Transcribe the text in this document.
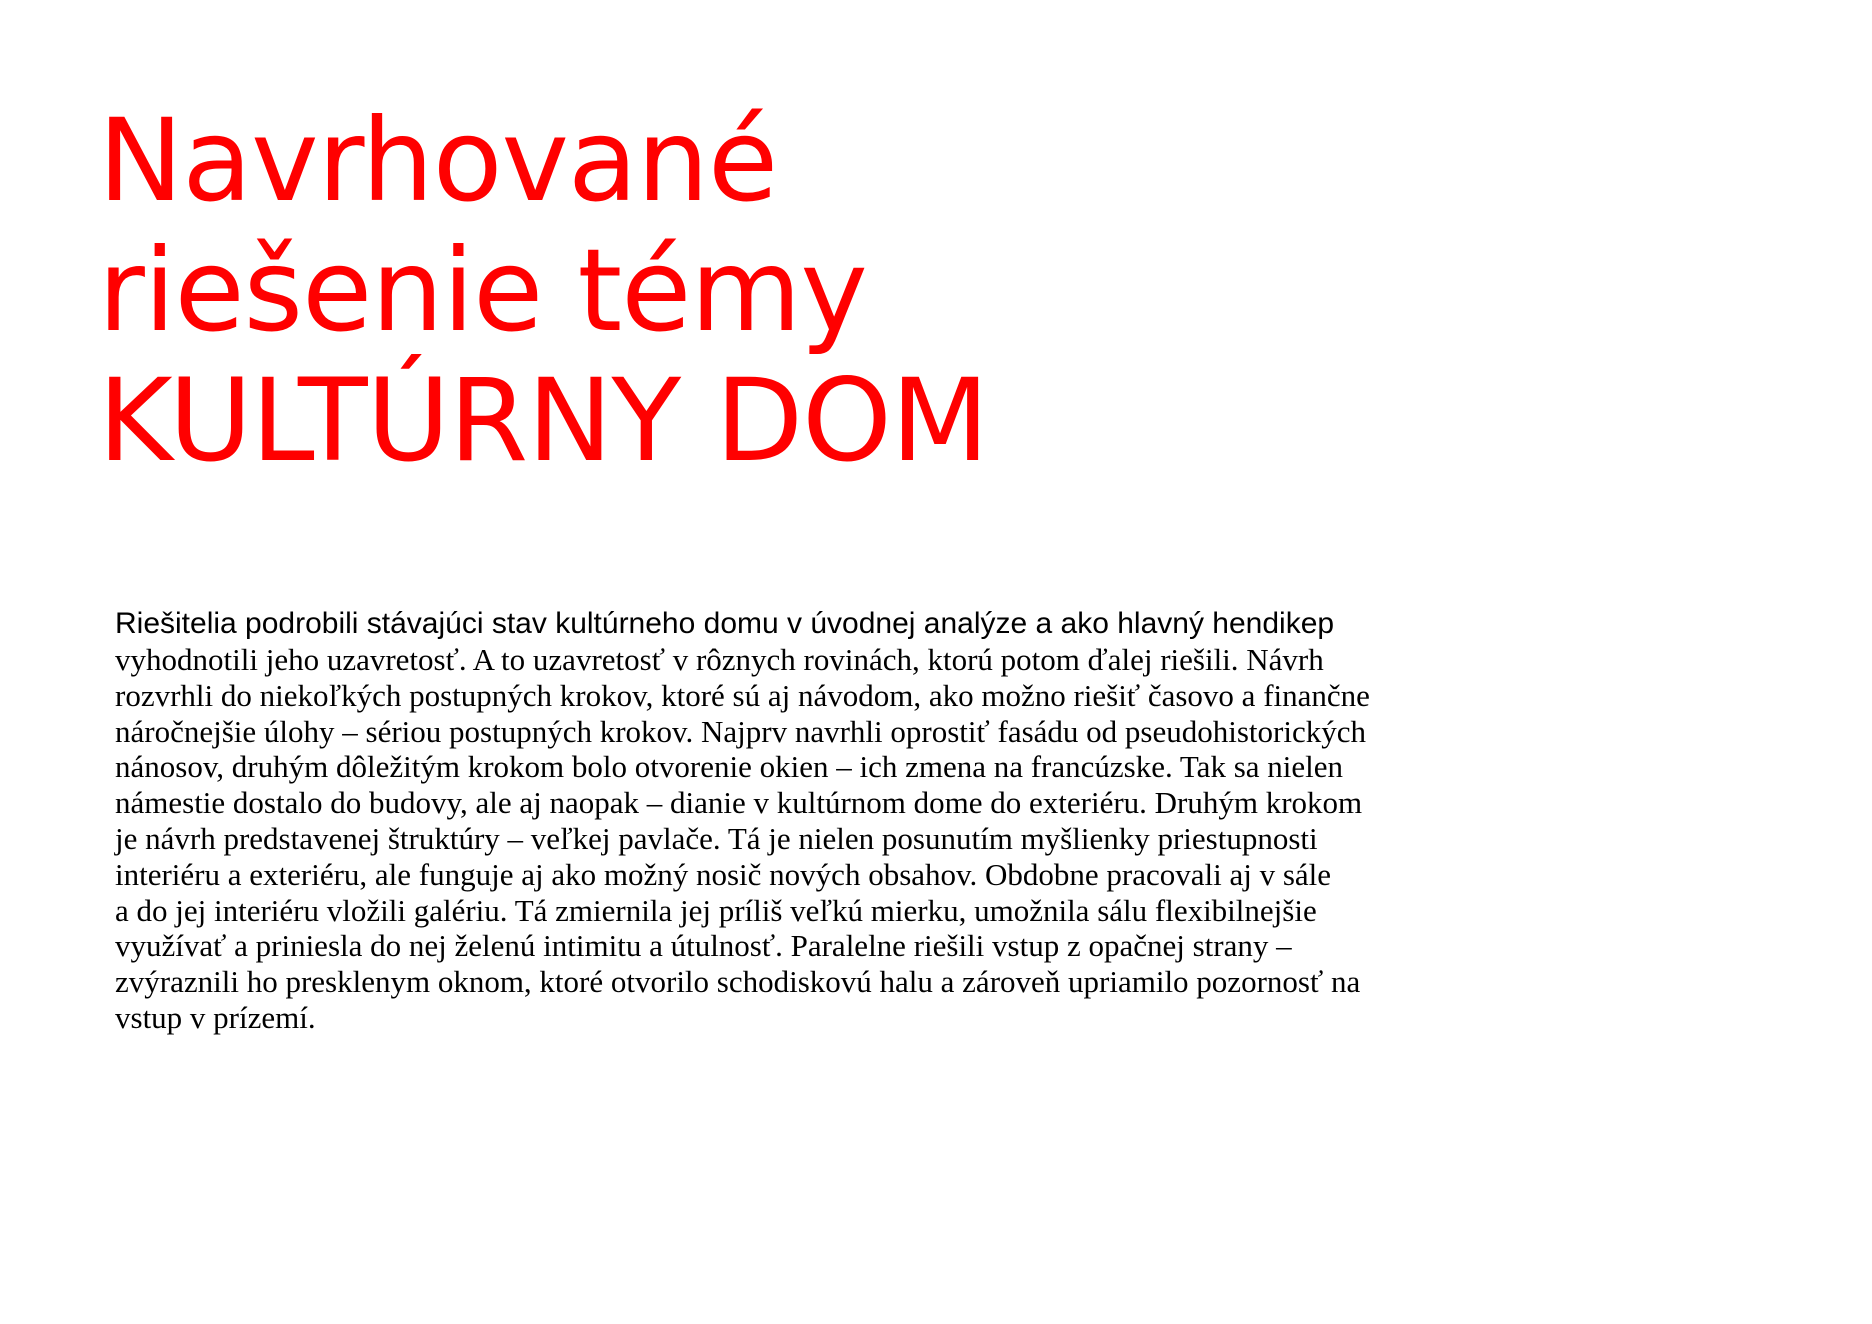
Navrhované
riešenie témy
KULTÚRNY DOM
Riešitelia podrobili stávajúci stav kultúrneho domu v úvodnej analýze a ako hlavný hendikep
vyhodnotili jeho uzavretosť. A to uzavretosť v rôznych rovinách, ktorú potom ďalej riešili. Návrh
rozvrhli do niekoľkých postupných krokov, ktoré sú aj návodom, ako možno riešiť časovo a finančne
náročnejšie úlohy – sériou postupných krokov. Najprv navrhli oprostiť fasádu od pseudohistorických
nánosov, druhým dôležitým krokom bolo otvorenie okien – ich zmena na francúzske. Tak sa nielen
námestie dostalo do budovy, ale aj naopak – dianie v kultúrnom dome do exteriéru. Druhým krokom
je návrh predstavenej štruktúry – veľkej pavlače. Tá je nielen posunutím myšlienky priestupnosti
interiéru a exteriéru, ale funguje aj ako možný nosič nových obsahov. Obdobne pracovali aj v sále
a do jej interiéru vložili galériu. Tá zmiernila jej príliš veľkú mierku, umožnila sálu flexibilnejšie
využívať a priniesla do nej želenú intimitu a útulnosť. Paralelne riešili vstup z opačnej strany –
zvýraznili ho presklenym oknom, ktoré otvorilo schodiskovú halu a zároveň upriamilo pozornosť na
vstup v prízemí.
